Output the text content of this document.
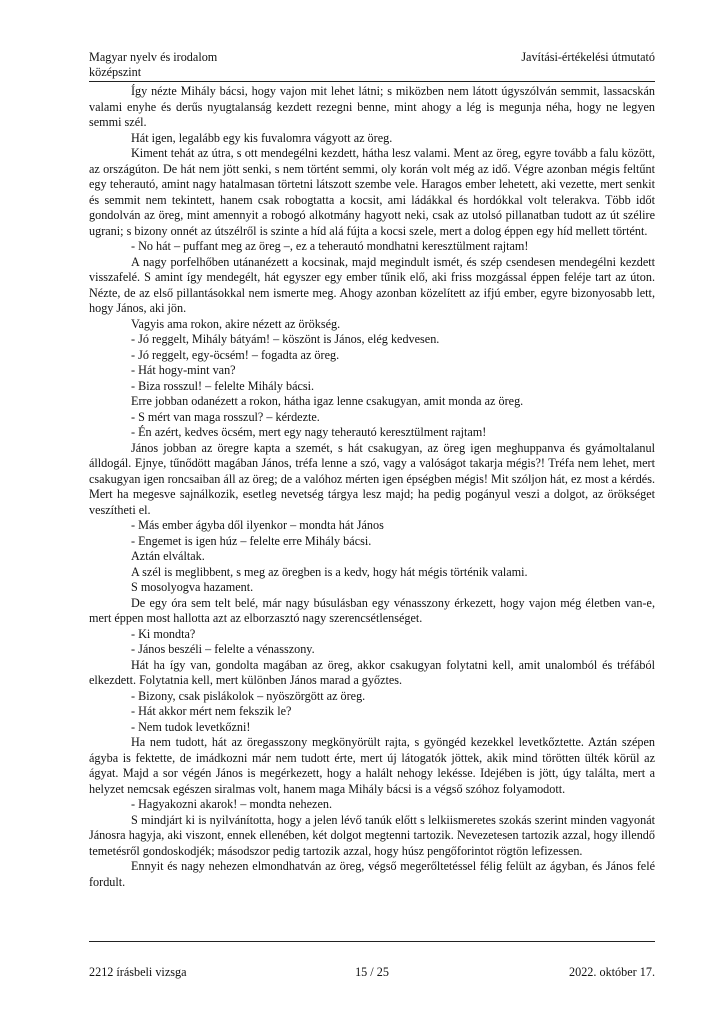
Magyar nyelv és irodalom
középszint
Javítási-értékelési útmutató

Így nézte Mihály bácsi, hogy vajon mit lehet látni; s miközben nem látott úgyszólván semmit, lassacskán valami enyhe és derűs nyugtalanság kezdett rezegni benne, mint ahogy a lég is megunja néha, hogy ne legyen semmi szél.

Hát igen, legalább egy kis fuvalomra vágyott az öreg.

Kiment tehát az útra, s ott mendegélni kezdett, hátha lesz valami. Ment az öreg, egyre tovább a falu között, az országúton. De hát nem jött senki, s nem történt semmi, oly korán volt még az idő. Végre azonban mégis feltűnt egy teherautó, amint nagy hatalmasan törtetni látszott szembe vele. Haragos ember lehetett, aki vezette, mert senkit és semmit nem tekintett, hanem csak robogtatta a kocsit, ami ládákkal és hordókkal volt telerakva. Több időt gondolván az öreg, mint amennyit a robogó alkotmány hagyott neki, csak az utolsó pillanatban tudott az út szélire ugrani; s bizony onnét az útszélről is szinte a híd alá fújta a kocsi szele, mert a dolog éppen egy híd mellett történt.

- No hát – puffant meg az öreg –, ez a teherautó mondhatni keresztülment rajtam!

A nagy porfelhőben utánanézett a kocsinak, majd megindult ismét, és szép csendesen mendegélni kezdett visszafelé. S amint így mendegélt, hát egyszer egy ember tűnik elő, aki friss mozgással éppen feléje tart az úton. Nézte, de az első pillantásokkal nem ismerte meg. Ahogy azonban közelített az ifjú ember, egyre bizonyosabb lett, hogy János, aki jön.

Vagyis ama rokon, akire nézett az örökség.

- Jó reggelt, Mihály bátyám! – köszönt is János, elég kedvesen.

- Jó reggelt, egy-öcsém! – fogadta az öreg.

- Hát hogy-mint van?

- Biza rosszul! – felelte Mihály bácsi.

Erre jobban odanézett a rokon, hátha igaz lenne csakugyan, amit monda az öreg.

- S mért van maga rosszul? – kérdezte.

- Én azért, kedves öcsém, mert egy nagy teherautó keresztülment rajtam!

János jobban az öregre kapta a szemét, s hát csakugyan, az öreg igen meghuppanva és gyámoltalanul álldogál. Ejnye, tűnődött magában János, tréfa lenne a szó, vagy a valóságot takarja mégis?! Tréfa nem lehet, mert csakugyan igen roncsaiban áll az öreg; de a valóhoz mérten igen épségben mégis! Mit szóljon hát, ez most a kérdés. Mert ha megesve sajnálkozik, esetleg nevetség tárgya lesz majd; ha pedig pogányul veszi a dolgot, az örökséget veszítheti el.

- Más ember ágyba dől ilyenkor – mondta hát János

- Engemet is igen húz – felelte erre Mihály bácsi.

Aztán elváltak.

A szél is meglibbent, s meg az öregben is a kedv, hogy hát mégis történik valami.

S mosolyogva hazament.

De egy óra sem telt belé, már nagy búsulásban egy vénasszony érkezett, hogy vajon még életben van-e, mert éppen most hallotta azt az elborzasztó nagy szerencsétlenséget.

- Ki mondta?

- János beszéli – felelte a vénasszony.

Hát ha így van, gondolta magában az öreg, akkor csakugyan folytatni kell, amit unalomból és tréfából elkezdett. Folytatnia kell, mert különben János marad a győztes.

- Bizony, csak pislákolok – nyöszörgött az öreg.

- Hát akkor mért nem fekszik le?

- Nem tudok levetkőzni!

Ha nem tudott, hát az öregasszony megkönyörült rajta, s gyöngéd kezekkel levetkőztette. Aztán szépen ágyba is fektette, de imádkozni már nem tudott érte, mert új látogatók jöttek, akik mind törötten ülték körül az ágyat. Majd a sor végén János is megérkezett, hogy a halált nehogy lekésse. Idejében is jött, úgy találta, mert a helyzet nemcsak egészen siralmas volt, hanem maga Mihály bácsi is a végső szóhoz folyamodott.

- Hagyakozni akarok! – mondta nehezen.

S mindjárt ki is nyilvánította, hogy a jelen lévő tanúk előtt s lelkiismeretes szokás szerint minden vagyonát Jánosra hagyja, aki viszont, ennek ellenében, két dolgot megtenni tartozik. Nevezetesen tartozik azzal, hogy illendő temetésről gondoskodjék; másodszor pedig tartozik azzal, hogy húsz pengőforintot rögtön lefizessen.

Ennyit és nagy nehezen elmondhatván az öreg, végső megerőltetéssel félig felült az ágyban, és János felé fordult.

2212 írásbeli vizsga	15 / 25	2022. október 17.
